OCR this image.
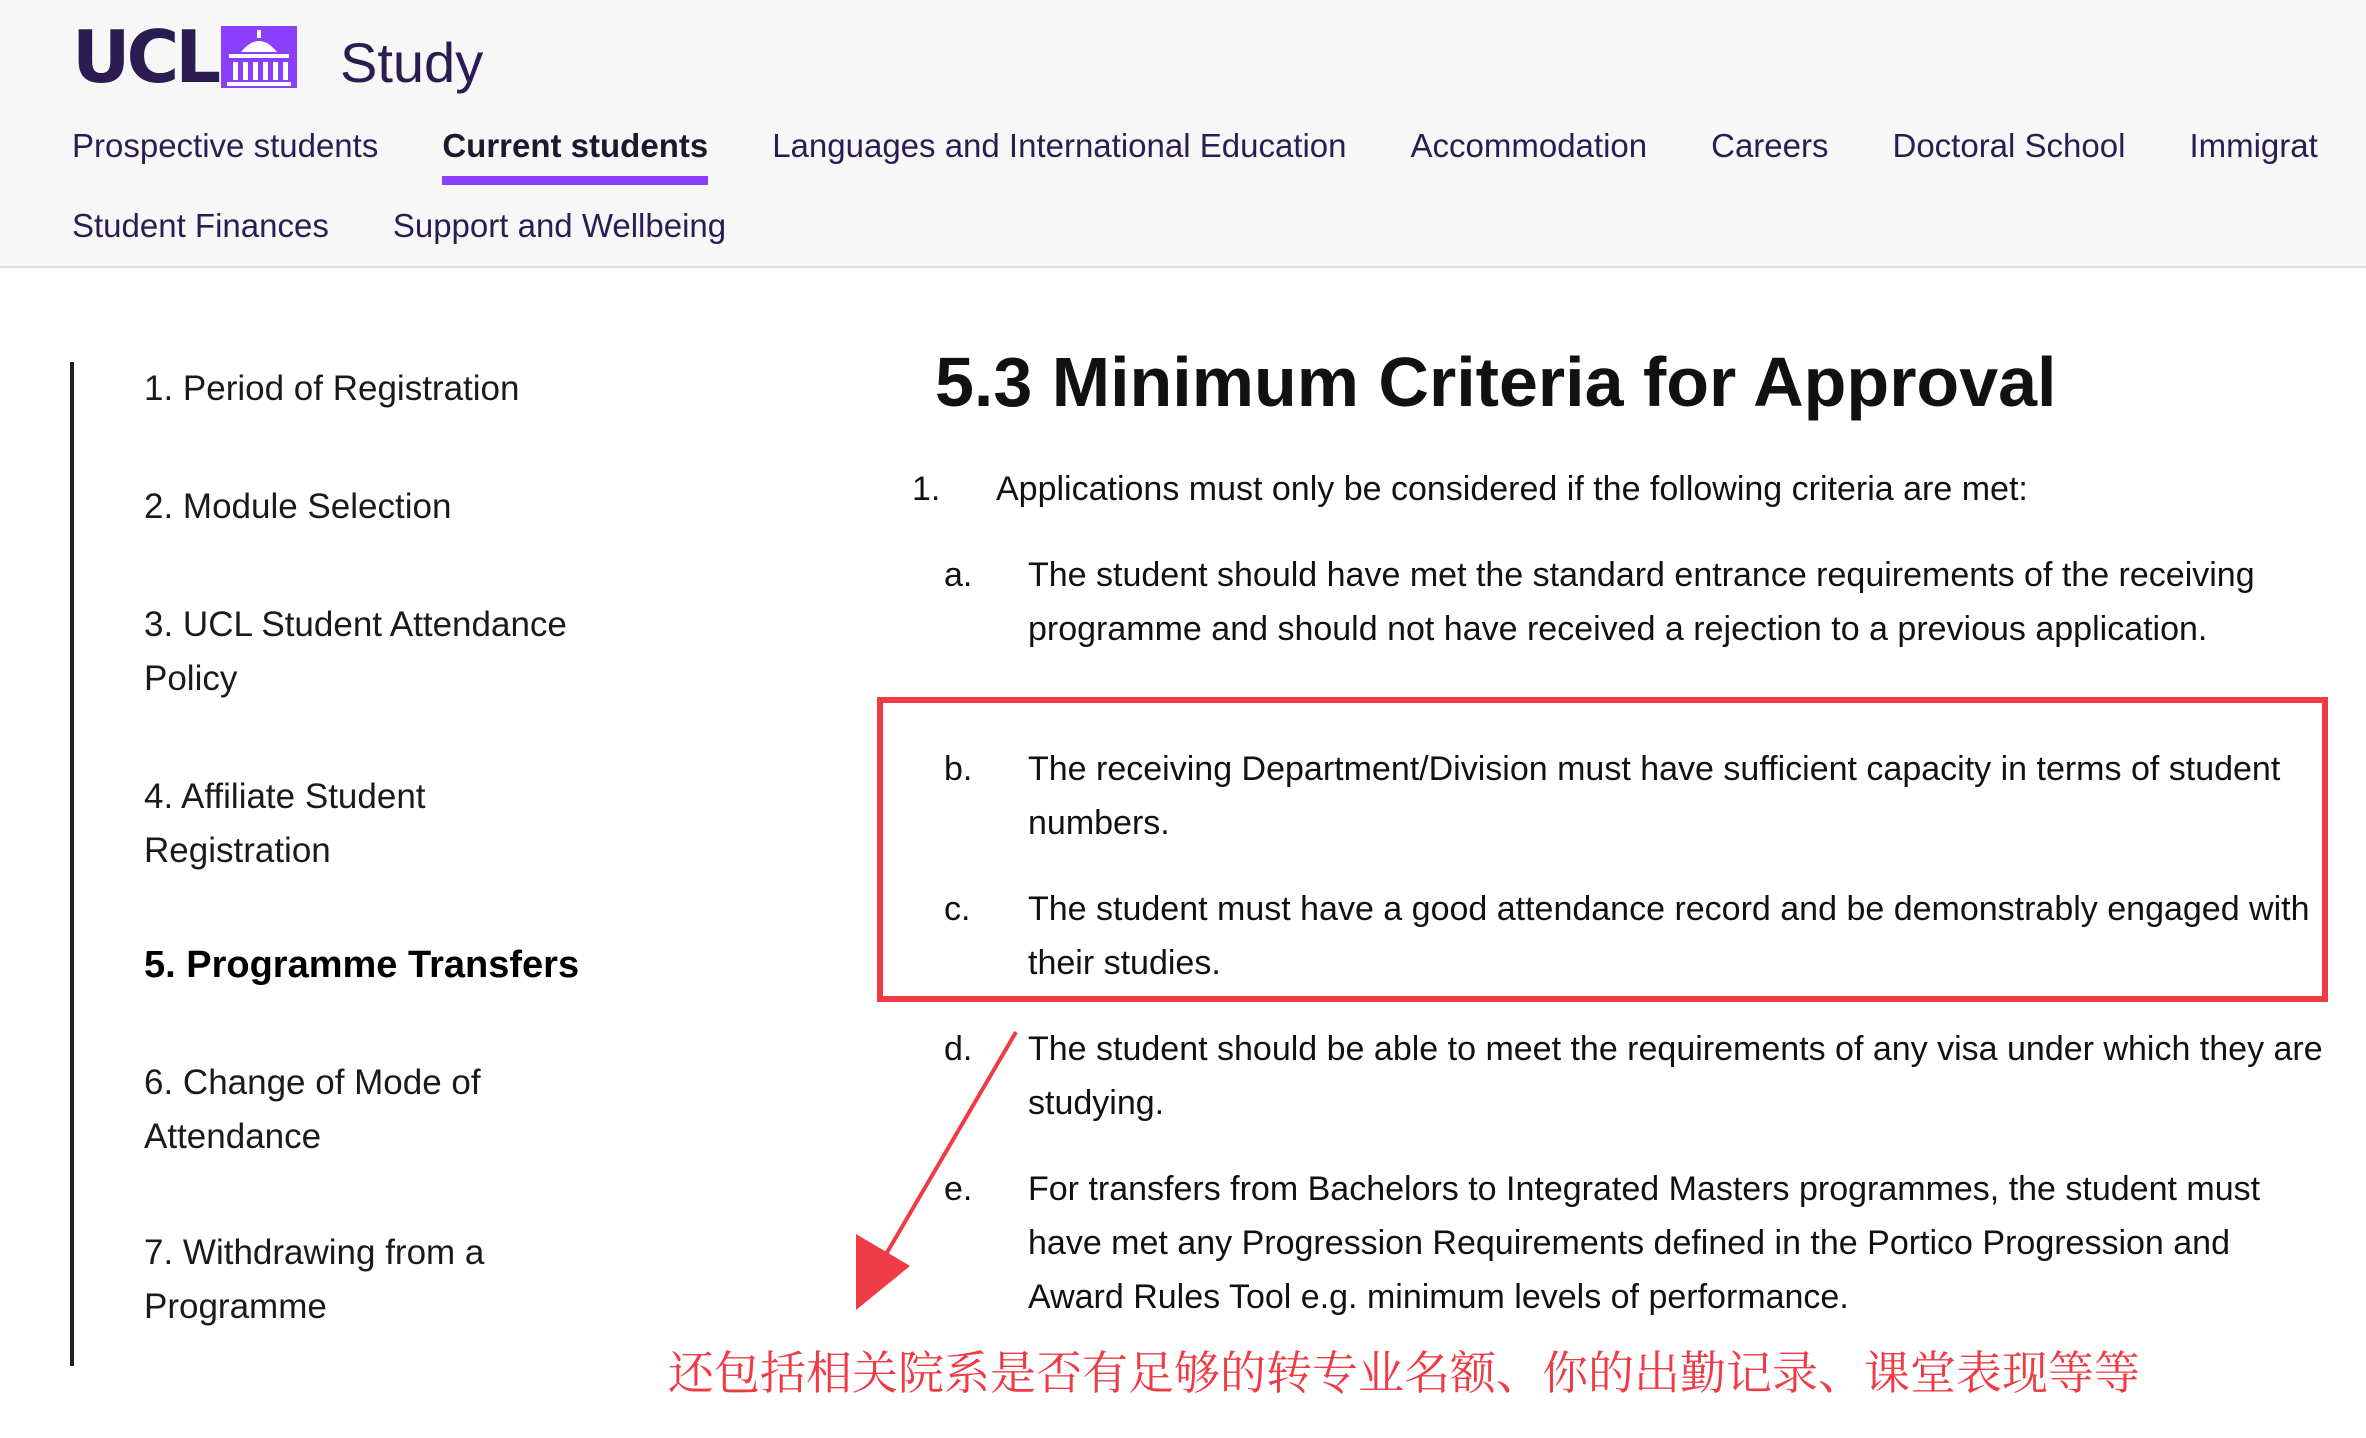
UCL Study
Prospective students Current students Languages and International Education Accommodation Careers Doctoral School Immigrat
Student Finances Support and Wellbeing
1. Period of Registration
2. Module Selection
3. UCL Student Attendance Policy
4. Affiliate Student Registration
5. Programme Transfers
6. Change of Mode of Attendance
7. Withdrawing from a Programme
5.3 Minimum Criteria for Approval
1.	Applications must only be considered if the following criteria are met:
a.	The student should have met the standard entrance requirements of the receiving programme and should not have received a rejection to a previous application.
b.	The receiving Department/Division must have sufficient capacity in terms of student numbers.
c.	The student must have a good attendance record and be demonstrably engaged with their studies.
d.	The student should be able to meet the requirements of any visa under which they are studying.
e.	For transfers from Bachelors to Integrated Masters programmes, the student must have met any Progression Requirements defined in the Portico Progression and Award Rules Tool e.g. minimum levels of performance.
还包括相关院系是否有足够的转专业名额、你的出勤记录、课堂表现等等
